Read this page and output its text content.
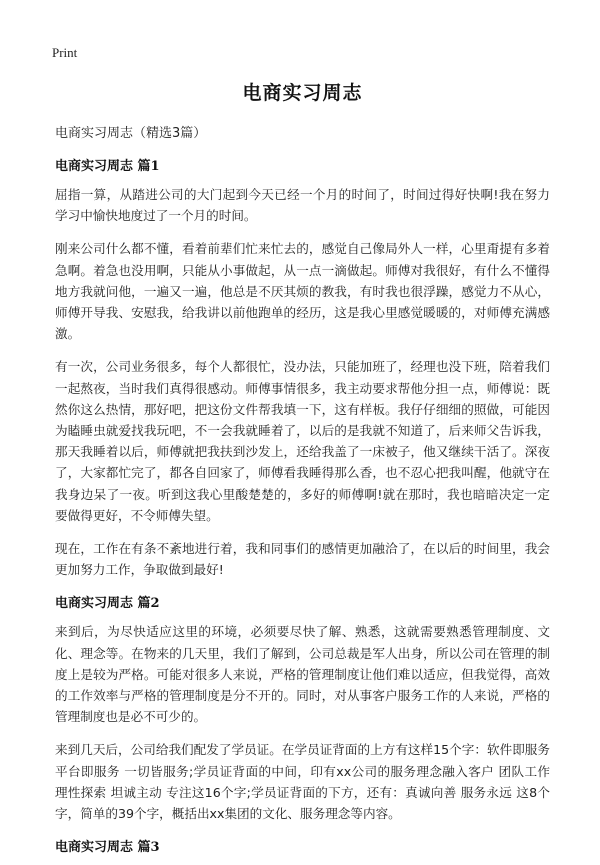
Print
电商实习周志
电商实习周志（精选3篇）
电商实习周志 篇1

屈指一算，从踏进公司的大门起到今天已经一个月的时间了，时间过得好快啊!我在努力学习中愉快地度过了一个月的时间。

刚来公司什么都不懂，看着前辈们忙来忙去的，感觉自己像局外人一样，心里甭提有多着急啊。着急也没用啊，只能从小事做起，从一点一滴做起。师傅对我很好，有什么不懂得地方我就问他，一遍又一遍，他总是不厌其烦的教我，有时我也很浮躁，感觉力不从心，师傅开导我、安慰我，给我讲以前他跑单的经历，这是我心里感觉暖暖的，对师傅充满感激。

有一次，公司业务很多，每个人都很忙，没办法，只能加班了，经理也没下班，陪着我们一起熬夜，当时我们真得很感动。师傅事情很多，我主动要求帮他分担一点，师傅说：既然你这么热情，那好吧，把这份文件帮我填一下，这有样板。我仔仔细细的照做，可能因为瞌睡虫就爱找我玩吧，不一会我就睡着了，以后的是我就不知道了，后来师父告诉我，那天我睡着以后，师傅就把我扶到沙发上，还给我盖了一床被子，他又继续干活了。深夜了，大家都忙完了，都各自回家了，师傅看我睡得那么香，也不忍心把我叫醒，他就守在我身边呆了一夜。听到这我心里酸楚楚的，多好的师傅啊!就在那时，我也暗暗决定一定要做得更好，不令师傅失望。

现在，工作在有条不紊地进行着，我和同事们的感情更加融洽了，在以后的时间里，我会更加努力工作，争取做到最好!

电商实习周志 篇2

来到后，为尽快适应这里的环境，必须要尽快了解、熟悉，这就需要熟悉管理制度、文化、理念等。在物来的几天里，我们了解到，公司总裁是军人出身，所以公司在管理的制度上是较为严格。可能对很多人来说，严格的管理制度让他们难以适应，但我觉得，高效的工作效率与严格的管理制度是分不开的。同时，对从事客户服务工作的人来说，严格的管理制度也是必不可少的。

来到几天后，公司给我们配发了学员证。在学员证背面的上方有这样15个字：软件即服务 平台即服务 一切皆服务;学员证背面的中间，印有xx公司的服务理念融入客户 团队工作 理性探索 坦诚主动 专注这16个字;学员证背面的下方，还有：真诚向善 服务永远 这8个字，简单的39个字，概括出xx集团的文化、服务理念等内容。

电商实习周志 篇3
